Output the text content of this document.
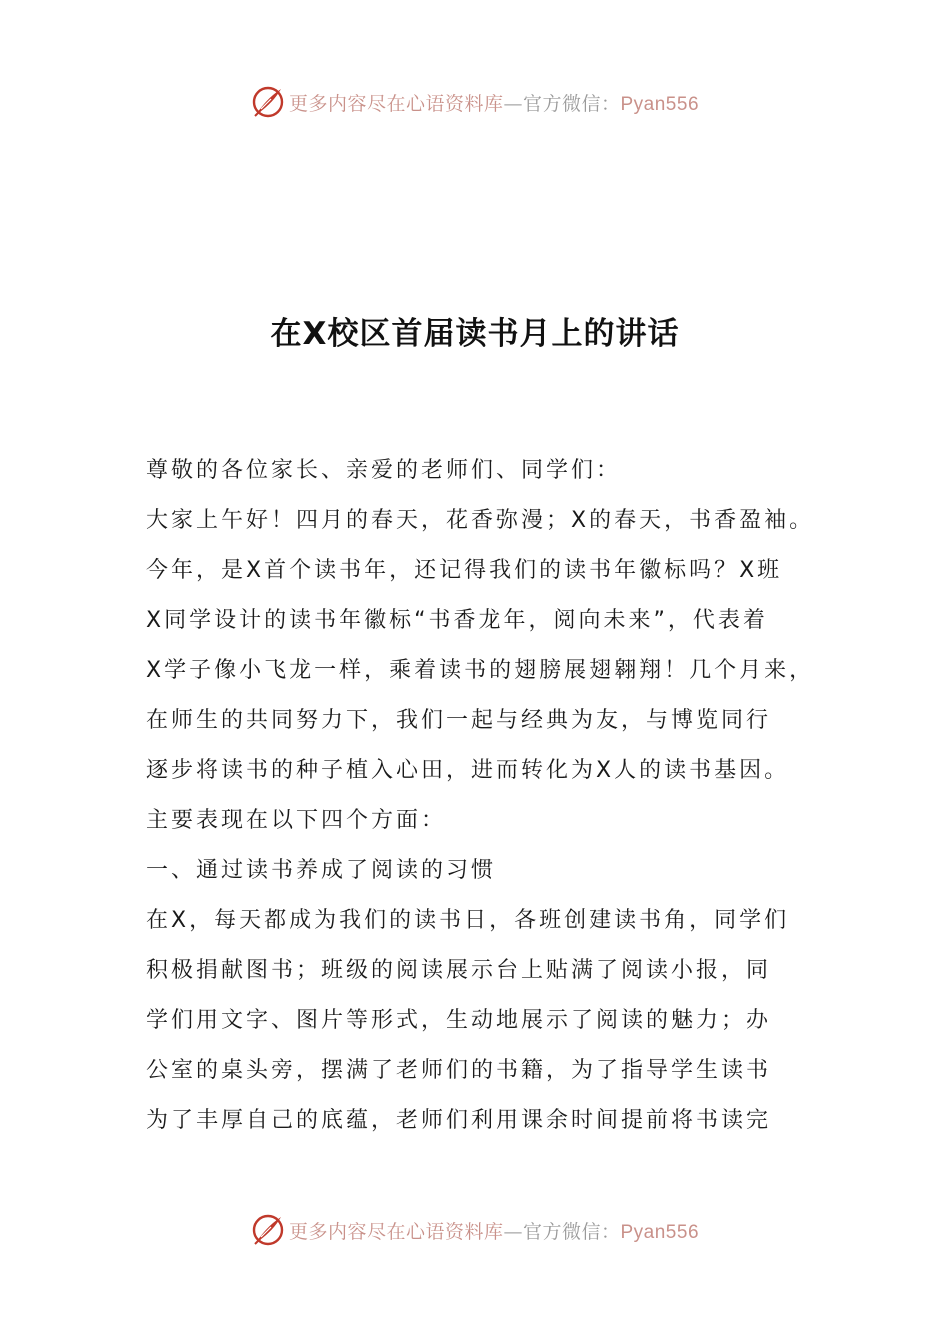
更多内容尽在心语资料库—官方微信：Pyan556
在X校区首届读书月上的讲话
尊敬的各位家长、亲爱的老师们、同学们：
大家上午好！四月的春天，花香弥漫；X的春天，书香盈袖。
今年，是X首个读书年，还记得我们的读书年徽标吗？X班
X同学设计的读书年徽标“书香龙年，阅向未来”，代表着
X学子像小飞龙一样，乘着读书的翅膀展翅翱翔！几个月来，
在师生的共同努力下，我们一起与经典为友，与博览同行
逐步将读书的种子植入心田，进而转化为X人的读书基因。
主要表现在以下四个方面：
一、通过读书养成了阅读的习惯
在X，每天都成为我们的读书日，各班创建读书角，同学们
积极捐献图书；班级的阅读展示台上贴满了阅读小报，同
学们用文字、图片等形式，生动地展示了阅读的魅力；办
公室的桌头旁，摆满了老师们的书籍，为了指导学生读书
为了丰厚自己的底蕴，老师们利用课余时间提前将书读完
更多内容尽在心语资料库—官方微信：Pyan556
